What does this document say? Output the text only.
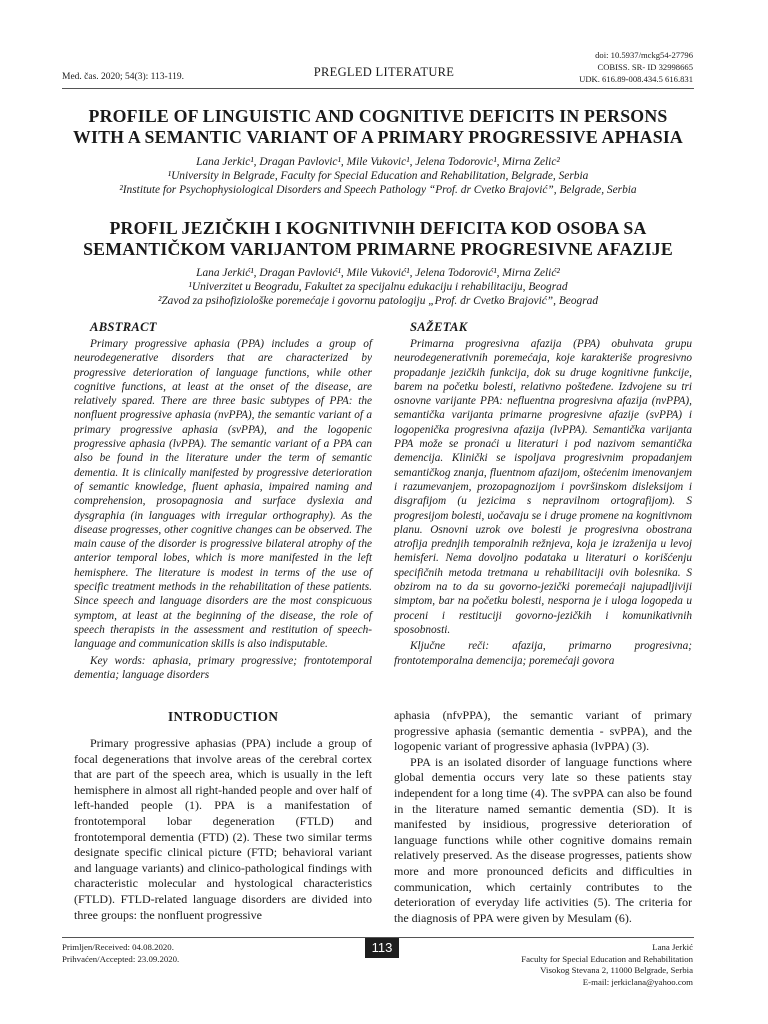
Med. čas. 2020; 54(3): 113-119.	PREGLED LITERATURE
doi: 10.5937/mckg54-27796
COBISS. SR- ID 32998665
UDK. 616.89-008.434.5 616.831
PROFILE OF LINGUISTIC AND COGNITIVE DEFICITS IN PERSONS
WITH A SEMANTIC VARIANT OF A PRIMARY PROGRESSIVE APHASIA
Lana Jerkic¹, Dragan Pavlovic¹, Mile Vukovic¹, Jelena Todorovic¹, Mirna Zelic²
¹University in Belgrade, Faculty for Special Education and Rehabilitation, Belgrade, Serbia
²Institute for Psychophysiological Disorders and Speech Pathology “Prof. dr Cvetko Brajović”, Belgrade, Serbia
PROFIL JEZIČKIH I KOGNITIVNIH DEFICITA KOD OSOBA SA
SEMANTIČKOM VARIJANTOM PRIMARNE PROGRESIVNE AFAZIJE
Lana Jerkić¹, Dragan Pavlović¹, Mile Vuković¹, Jelena Todorović¹, Mirna Zelić²
¹Univerzitet u Beogradu, Fakultet za specijalnu edukaciju i rehabilitaciju, Beograd
²Zavod za psihofiziološke poremećaje i govornu patologiju „Prof. dr Cvetko Brajović”, Beograd
ABSTRACT

Primary progressive aphasia (PPA) includes a group of neurodegenerative disorders that are characterized by progressive deterioration of language functions, while other cognitive functions, at least at the onset of the disease, are relatively spared. There are three basic subtypes of PPA: the nonfluent progressive aphasia (nvPPA), the semantic variant of a primary progressive aphasia (svPPA), and the logopenic progressive aphasia (lvPPA). The semantic variant of a PPA can also be found in the literature under the term of semantic dementia. It is clinically manifested by progressive deterioration of semantic knowledge, fluent aphasia, impaired naming and comprehension, prosopagnosia and surface dyslexia and dysgraphia (in languages with irregular orthography). As the disease progresses, other cognitive changes can be observed. The main cause of the disorder is progressive bilateral atrophy of the anterior temporal lobes, which is more manifested in the left hemisphere. The literature is modest in terms of the use of specific treatment methods in the rehabilitation of these patients. Since speech and language disorders are the most conspicuous symptom, at least at the beginning of the disease, the role of speech therapists in the assessment and restitution of speech-language and communication skills is also indisputable.

Key words: aphasia, primary progressive; frontotemporal dementia; language disorders

SAŽETAK

Primarna progresivna afazija (PPA) obuhvata grupu neurodegenerativnih poremećaja, koje karakteriše progresivno propadanje jezičkih funkcija, dok su druge kognitivne funkcije, barem na početku bolesti, relativno pošteđene. Izdvojene su tri osnovne varijante PPA: nefluentna progresivna afazija (nvPPA), semantička varijanta primarne progresivne afazije (svPPA) i logopenička progresivna afazija (lvPPA). Semantička varijanta PPA može se pronaći u literaturi i pod nazivom semantička demencija. Klinički se ispoljava progresivnim propadanjem semantičkog znanja, fluentnom afazijom, oštećenim imenovanjem i razumevanjem, prozopagnozijom i površinskom disleksijom i disgrafijom (u jezicima s nepravilnom ortografijom). S progresijom bolesti, uočavaju se i druge promene na kognitivnom planu. Osnovni uzrok ove bolesti je progresivna obostrana atrofija prednjih temporalnih režnjeva, koja je izraženija u levoj hemisferi. Nema dovoljno podataka u literaturi o korišćenju specifičnih metoda tretmana u rehabilitaciji ovih bolesnika. S obzirom na to da su govorno-jezički poremećaji najupadljiviji simptom, bar na početku bolesti, nesporna je i uloga logopeda u proceni i restituciji govorno-jezičkih i komunikativnih sposobnosti.

Ključne reči: afazija, primarno progresivna; frontotemporalna demencija; poremećaji govora

INTRODUCTION

Primary progressive aphasias (PPA) include a group of focal degenerations that involve areas of the cerebral cortex that are part of the speech area, which is usually in the left hemisphere in almost all right-handed people and over half of left-handed people (1). PPA is a manifestation of frontotemporal lobar degeneration (FTLD) and frontotemporal dementia (FTD) (2). These two similar terms designate specific clinical picture (FTD; behavioral variant and language variants) and clinico-pathological findings with characteristic molecular and hystological characteristics (FTLD). FTLD-related language disorders are divided into three groups: the nonfluent progressive

aphasia (nfvPPA), the semantic variant of primary progressive aphasia (semantic dementia - svPPA), and the logopenic variant of progressive aphasia (lvPPA) (3).

PPA is an isolated disorder of language functions where global dementia occurs very late so these patients stay independent for a long time (4). The svPPA can also be found in the literature named semantic dementia (SD). It is manifested by insidious, progressive deterioration of language functions while other cognitive domains remain relatively preserved. As the disease progresses, patients show more and more pronounced deficits and difficulties in communication, which certainly contributes to the deterioration of everyday life activities (5). The criteria for the diagnosis of PPA were given by Mesulam (6).

Primljen/Received: 04.08.2020.
Prihvaćen/Accepted: 23.09.2020.
113	Lana Jerkić
Faculty for Special Education and Rehabilitation
Visokog Stevana 2, 11000 Belgrade, Serbia
E-mail: jerkiclana@yahoo.com
